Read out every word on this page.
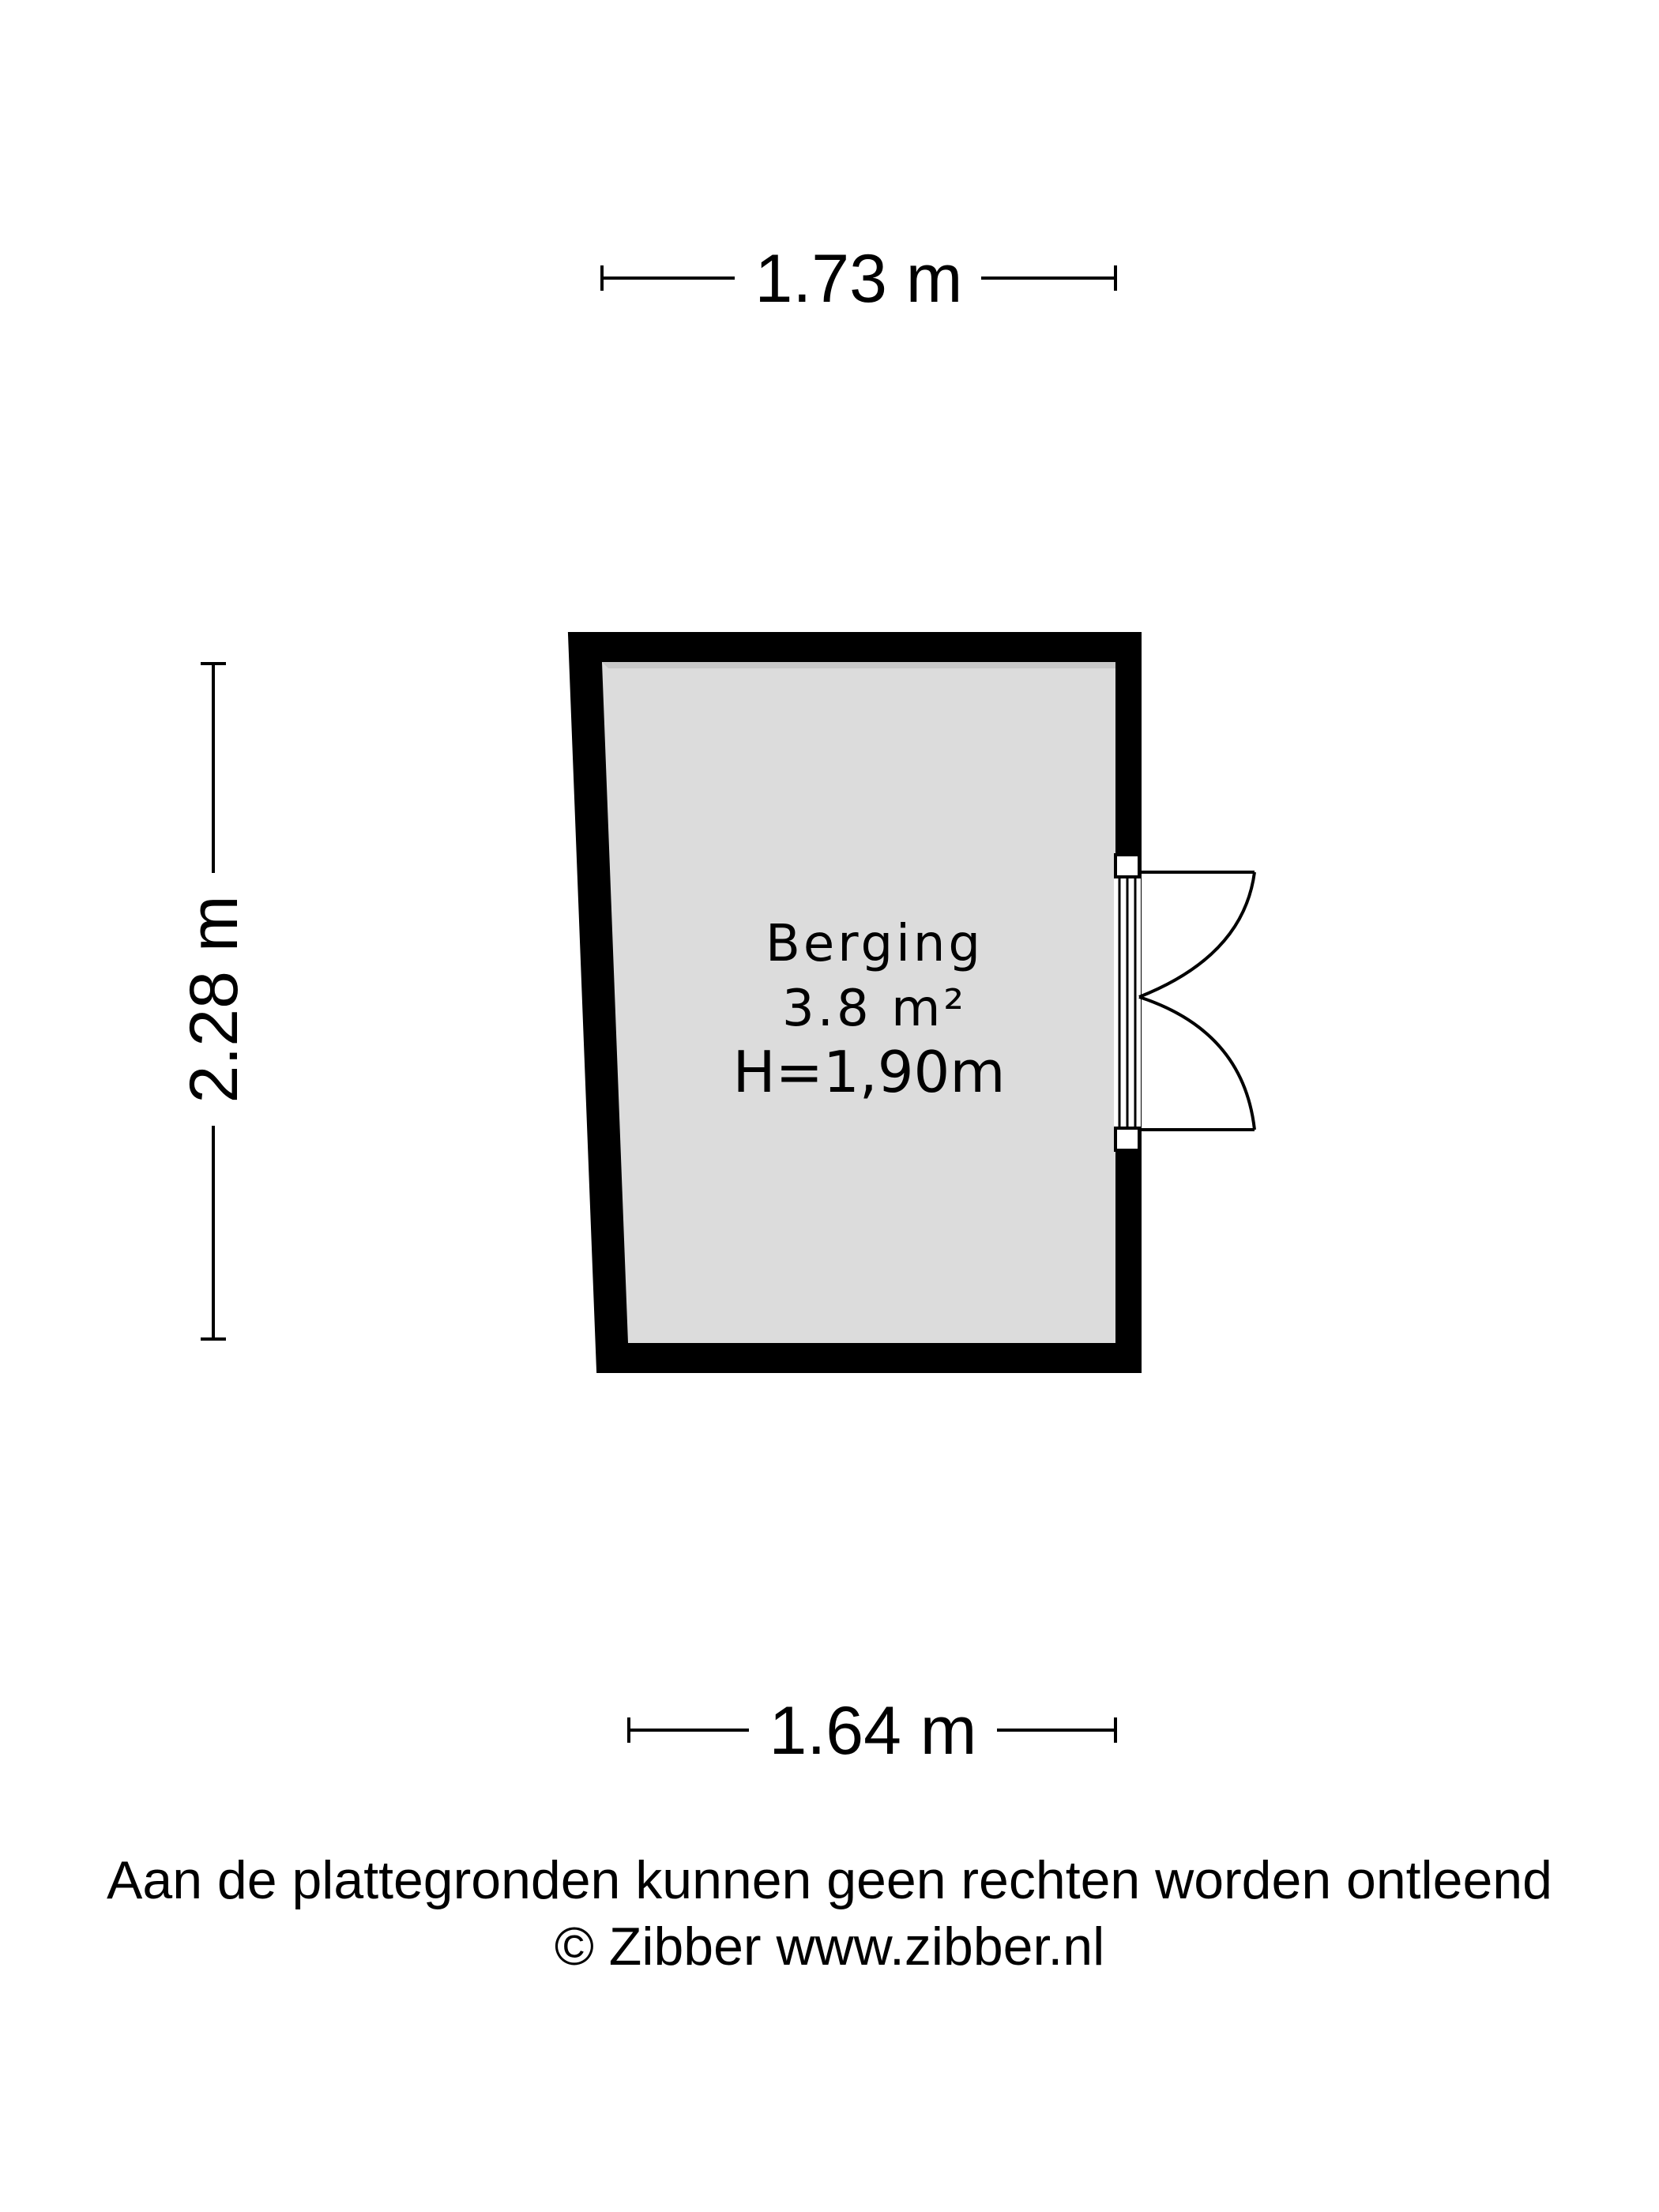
1.73 m
2.28 m
1.64 m
Berging
3.8 m²
H=1,90m
Aan de plattegronden kunnen geen rechten worden ontleend
© Zibber www.zibber.nl
